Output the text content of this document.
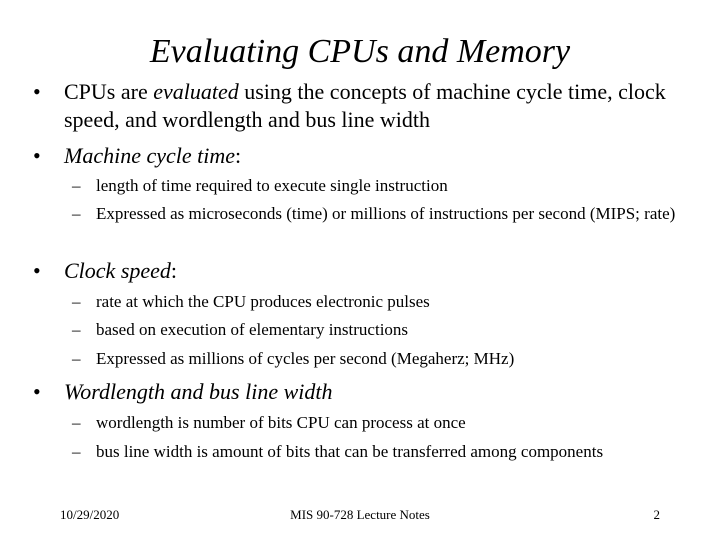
Evaluating CPUs and Memory
•	CPUs are evaluated using the concepts of machine cycle time, clock speed, and wordlength and bus line width
•	Machine cycle time:
– length of time required to execute single instruction
– Expressed as microseconds (time) or millions of instructions per second (MIPS; rate)
•	Clock speed:
– rate at which the CPU produces electronic pulses
– based on execution of elementary instructions
– Expressed as millions of cycles per second (Megaherz; MHz)
•	Wordlength and bus line width
– wordlength is number of bits CPU can process at once
– bus line width is amount of bits that can be transferred among components
10/29/2020	MIS 90-728 Lecture Notes	2
